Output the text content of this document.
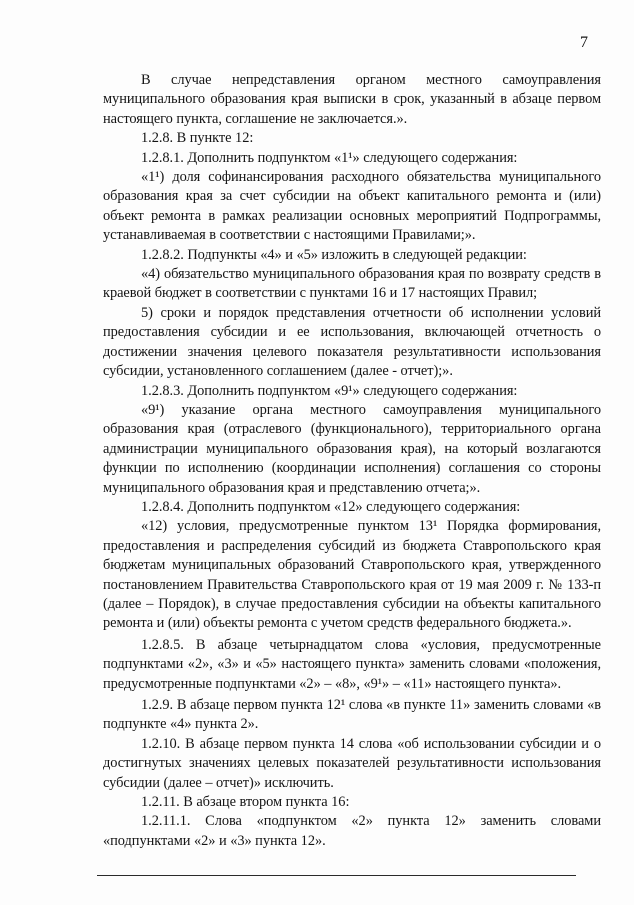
7

В случае непредставления органом местного самоуправления муниципального образования края выписки в срок, указанный в абзаце первом настоящего пункта, соглашение не заключается.».

1.2.8. В пункте 12:

1.2.8.1. Дополнить подпунктом «1¹» следующего содержания:

«1¹) доля софинансирования расходного обязательства муниципального образования края за счет субсидии на объект капитального ремонта и (или) объект ремонта в рамках реализации основных мероприятий Подпрограммы, устанавливаемая в соответствии с настоящими Правилами;».

1.2.8.2. Подпункты «4» и «5» изложить в следующей редакции:

«4) обязательство муниципального образования края по возврату средств в краевой бюджет в соответствии с пунктами 16 и 17 настоящих Правил;

5) сроки и порядок представления отчетности об исполнении условий предоставления субсидии и ее использования, включающей отчетность о достижении значения целевого показателя результативности использования субсидии, установленного соглашением (далее - отчет);».

1.2.8.3. Дополнить подпунктом «9¹» следующего содержания:

«9¹) указание органа местного самоуправления муниципального образования края (отраслевого (функционального), территориального органа администрации муниципального образования края), на который возлагаются функции по исполнению (координации исполнения) соглашения со стороны муниципального образования края и представлению отчета;».

1.2.8.4. Дополнить подпунктом «12» следующего содержания:

«12) условия, предусмотренные пунктом 13¹ Порядка формирования, предоставления и распределения субсидий из бюджета Ставропольского края бюджетам муниципальных образований Ставропольского края, утвержденного постановлением Правительства Ставропольского края от 19 мая 2009 г. № 133-п (далее – Порядок), в случае предоставления субсидии на объекты капитального ремонта и (или) объекты ремонта с учетом средств федерального бюджета.».

1.2.8.5. В абзаце четырнадцатом слова «условия, предусмотренные подпунктами «2», «3» и «5» настоящего пункта» заменить словами «положения, предусмотренные подпунктами «2» – «8», «9¹» – «11» настоящего пункта».

1.2.9. В абзаце первом пункта 12¹ слова «в пункте 11» заменить словами «в подпункте «4» пункта 2».

1.2.10. В абзаце первом пункта 14 слова «об использовании субсидии и о достигнутых значениях целевых показателей результативности использования субсидии (далее – отчет)» исключить.

1.2.11. В абзаце втором пункта 16:

1.2.11.1. Слова «подпунктом «2» пункта 12» заменить словами «подпунктами «2» и «3» пункта 12».
